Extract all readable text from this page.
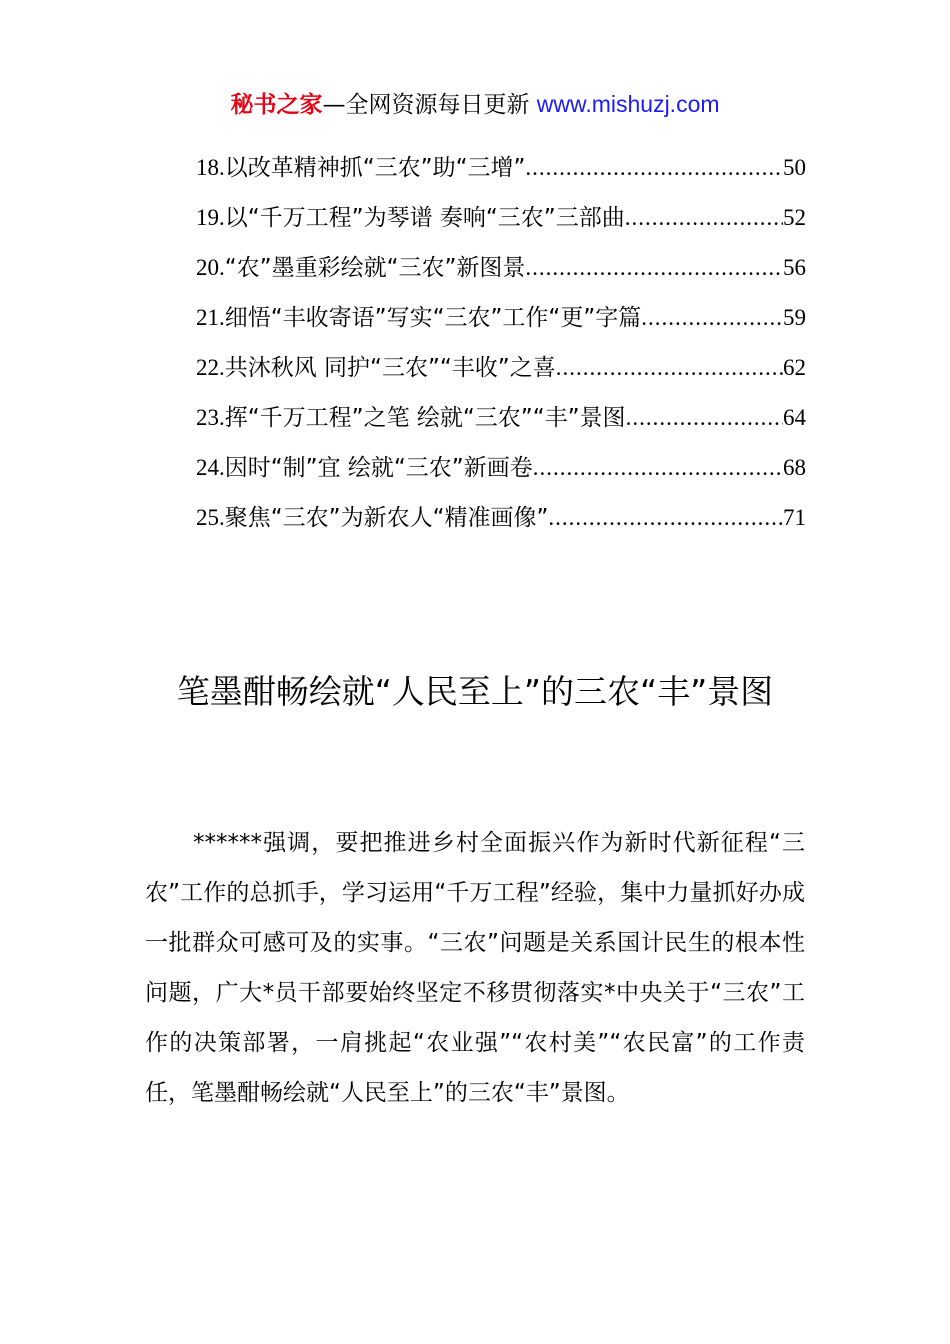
秘书之家—全网资源每日更新 www.mishuzj.com
18. 以改革精神抓“三农”助“三增” .....	50
19. 以“千万工程”为琴谱 奏响“三农”三部曲 .....	52
20. “农”墨重彩绘就“三农”新图景 .....	56
21. 细悟“丰收寄语”写实“三农”工作“更”字篇 .....	59
22. 共沐秋风 同护“三农”“丰收”之喜 .....	62
23. 挥“千万工程”之笔 绘就“三农”“丰”景图 .....	64
24. 因时“制”宜 绘就“三农”新画卷 .....	68
25. 聚焦“三农”为新农人“精准画像” .....	71
笔墨酣畅绘就“人民至上”的三农“丰”景图

******强调，要把推进乡村全面振兴作为新时代新征程“三农”工作的总抓手，学习运用“千万工程”经验，集中力量抓好办成一批群众可感可及的实事。“三农”问题是关系国计民生的根本性问题，广大*员干部要始终坚定不移贯彻落实*中央关于“三农”工作的决策部署，一肩挑起“农业强”“农村美”“农民富”的工作责任，笔墨酣畅绘就“人民至上”的三农“丰”景图。
